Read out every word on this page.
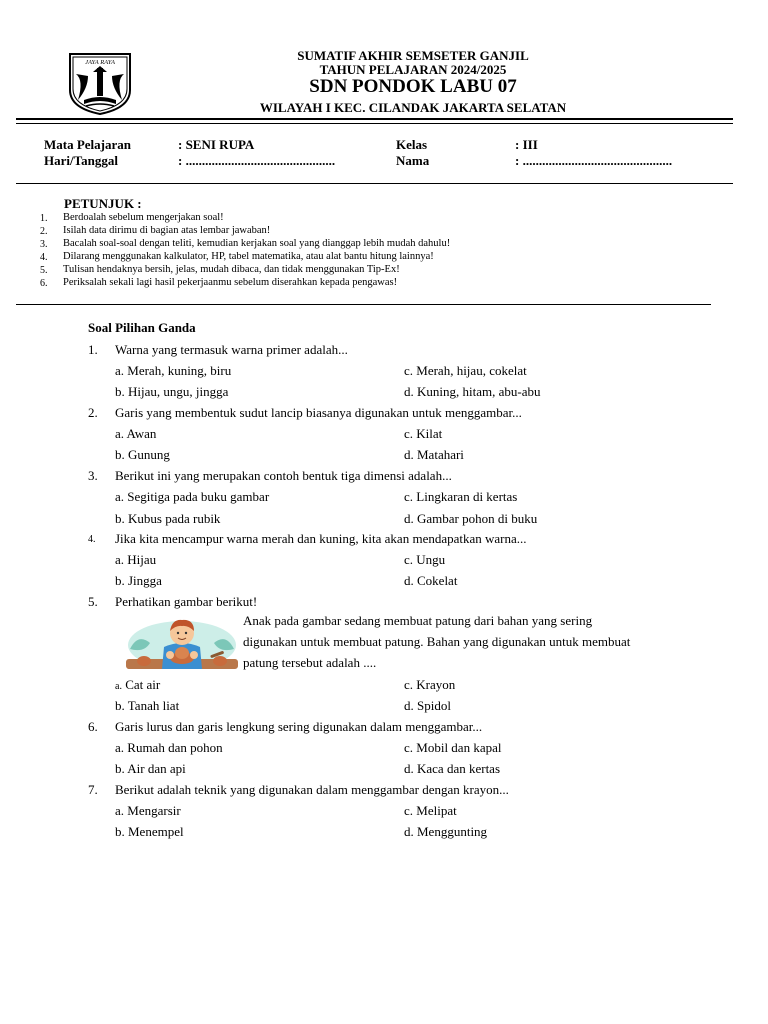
JAYA RAYA	SUMATIF AKHIR SEMSETER GANJIL
TAHUN PELAJARAN 2024/2025
SDN PONDOK LABU 07
WILAYAH I KEC. CILANDAK JAKARTA SELATAN
Mata Pelajaran	: SENI RUPA	Kelas	: III
Hari/Tanggal	: ..............................................	Nama	: ..............................................
PETUNJUK :
1. Berdoalah sebelum mengerjakan soal!
2. Isilah data dirimu di bagian atas lembar jawaban!
3. Bacalah soal-soal dengan teliti, kemudian kerjakan soal yang dianggap lebih mudah dahulu!
4. Dilarang menggunakan kalkulator, HP, tabel matematika, atau alat bantu hitung lainnya!
5. Tulisan hendaknya bersih, jelas, mudah dibaca, dan tidak menggunakan Tip-Ex!
6. Periksalah sekali lagi hasil pekerjaanmu sebelum diserahkan kepada pengawas!
Soal Pilihan Ganda
1. Warna yang termasuk warna primer adalah...
a. Merah, kuning, biru	c. Merah, hijau, cokelat
b. Hijau, ungu, jingga	d. Kuning, hitam, abu-abu
2. Garis yang membentuk sudut lancip biasanya digunakan untuk menggambar...
a. Awan	c. Kilat
b. Gunung	d. Matahari
3. Berikut ini yang merupakan contoh bentuk tiga dimensi adalah...
a. Segitiga pada buku gambar	c. Lingkaran di kertas
b. Kubus pada rubik	d. Gambar pohon di buku
4. Jika kita mencampur warna merah dan kuning, kita akan mendapatkan warna...
a. Hijau	c. Ungu
b. Jingga	d. Cokelat
5. Perhatikan gambar berikut!
Anak pada gambar sedang membuat patung dari bahan yang sering
digunakan untuk membuat patung. Bahan yang digunakan untuk membuat
patung tersebut adalah ....
a. Cat air	c. Krayon
b. Tanah liat	d. Spidol
6. Garis lurus dan garis lengkung sering digunakan dalam menggambar...
a. Rumah dan pohon	c. Mobil dan kapal
b. Air dan api	d. Kaca dan kertas
7. Berikut adalah teknik yang digunakan dalam menggambar dengan krayon...
a. Mengarsir	c. Melipat
b. Menempel	d. Menggunting
